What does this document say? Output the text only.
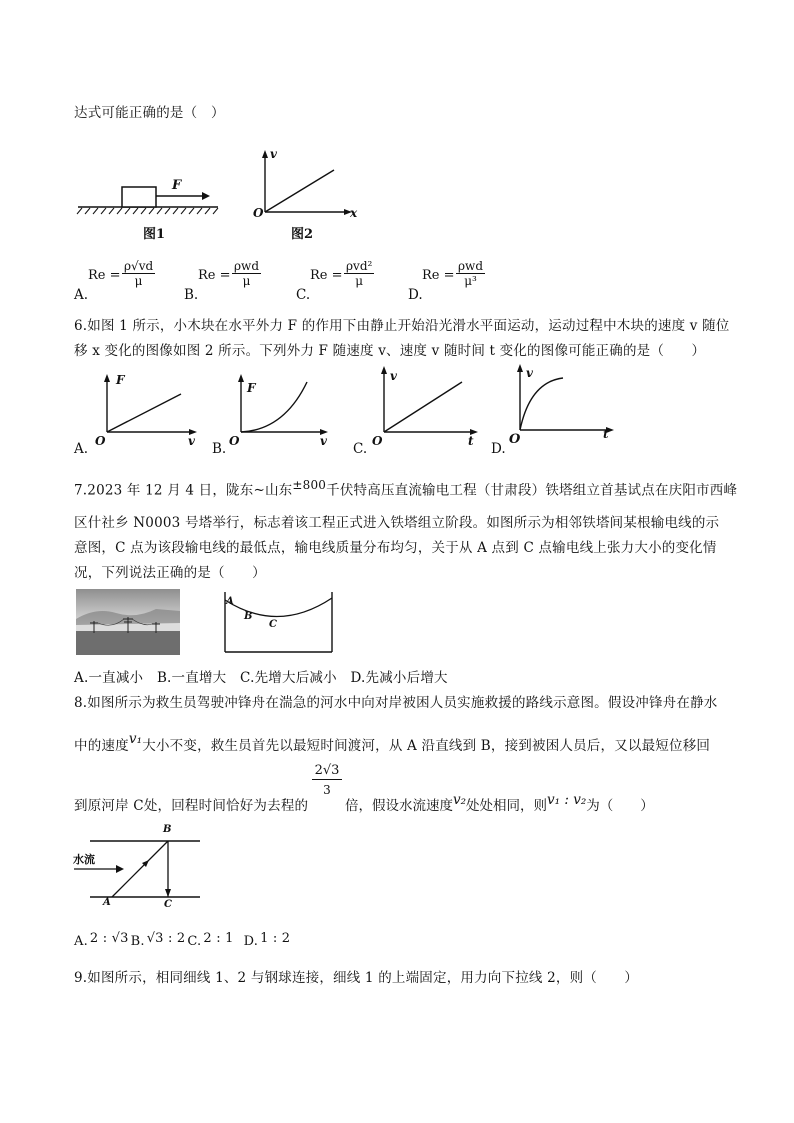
达式可能正确的是（　）
F
图1
v
x
O
图2
A.
$Re = \frac{\rho√vd}{\mu}$
B.
Re =
ρwd
μ
C.
Re =
ρvd²
μ
D.
Re =
ρwd
μ³
6.如图 1 所示，小木块在水平外力 F 的作用下由静止开始沿光滑水平面运动，运动过程中木块的速度 v 随位
移 x 变化的图像如图 2 所示。下列外力 F 随速度 v、速度 v 随时间 t 变化的图像可能正确的是（　　）
A.
F
v
O	B.
F
v
O	C.
v
t
O	D.
v
t
O
7.2023 年 12 月 4 日，陇东~山东$^{\pm 800}$千伏特高压直流输电工程（甘肃段）铁塔组立首基试点在庆阳市西峰
区什社乡 N0003 号塔举行，标志着该工程正式进入铁塔组立阶段。如图所示为相邻铁塔间某根输电线的示
意图，C 点为该段输电线的最低点，输电线质量分布均匀，关于从 A 点到 C 点输电线上张力大小的变化情
况，下列说法正确的是（　　）
A
B
C
A.一直减小　B.一直增大　C.先增大后减小　D.先减小后增大
8.如图所示为救生员驾驶冲锋舟在湍急的河水中向对岸被困人员实施救援的路线示意图。假设冲锋舟在静水
中的速度v₁大小不变，救生员首先以最短时间渡河，从 A 沿直线到 B，接到被困人员后，又以最短位移回
$\frac{2√3}{3}$
到原河岸 C处，回程时间恰好为去程的	倍，假设水流速度v₂处处相同，则v₁ : v₂为（　　）
水流
B
A	C
A. 2 : √3 B. √3 : 2 C. 2 : 1 D. 1 : 2
9.如图所示，相同细线 1、2 与钢球连接，细线 1 的上端固定，用力向下拉线 2，则（　　）
